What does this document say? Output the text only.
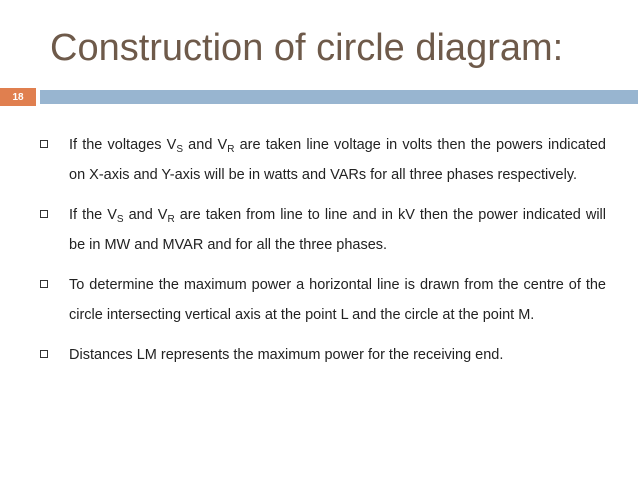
Construction of circle diagram:
18
If the voltages $V_S$ and $V_R$ are taken line voltage in volts then the powers indicated on X-axis and Y-axis will be in watts and VARs for all three phases respectively.
If the $V_S$ and $V_R$ are taken from line to line and in kV then the power indicated will be in MW and MVAR and for all the three phases.
To determine the maximum power a horizontal line is drawn from the centre of the circle intersecting vertical axis at the point L and the circle at the point M.
Distances LM represents the maximum power for the receiving end.
